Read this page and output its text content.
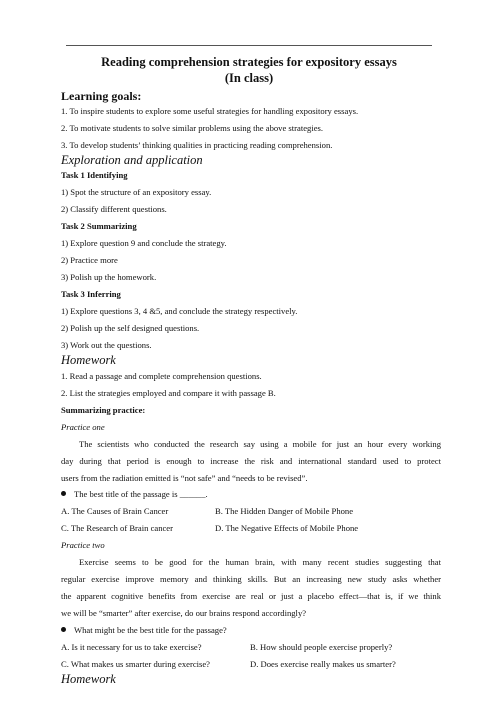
Reading comprehension strategies for expository essays
(In class)
Learning goals:
1. To inspire students to explore some useful strategies for handling expository essays.
2. To motivate students to solve similar problems using the above strategies.
3. To develop students’ thinking qualities in practicing reading comprehension.
Exploration and application
Task 1 Identifying
1) Spot the structure of an expository essay.
2) Classify different questions.
Task 2 Summarizing
1) Explore question 9 and conclude the strategy.
2) Practice more
3) Polish up the homework.
Task 3 Inferring
1) Explore questions 3, 4 &5, and conclude the strategy respectively.
2) Polish up the self designed questions.
3) Work out the questions.
Homework
1. Read a passage and complete comprehension questions.
2. List the strategies employed and compare it with passage B.
Summarizing practice:
Practice one
The scientists who conducted the research say using a mobile for just an hour every working
day during that period is enough to increase the risk and international standard used to protect
users from the radiation emitted is “not safe” and “needs to be revised”.
The best title of the passage is ______.
A. The Causes of Brain Cancer	B. The Hidden Danger of Mobile Phone
C. The Research of Brain cancer	D. The Negative Effects of Mobile Phone
Practice two
Exercise seems to be good for the human brain, with many recent studies suggesting that
regular exercise improve memory and thinking skills. But an increasing new study asks whether
the apparent cognitive benefits from exercise are real or just a placebo effect—that is, if we think
we will be “smarter” after exercise, do our brains respond accordingly?
What might be the best title for the passage?
A. Is it necessary for us to take exercise?	B. How should people exercise properly?
C. What makes us smarter during exercise?	D. Does exercise really makes us smarter?
Homework
